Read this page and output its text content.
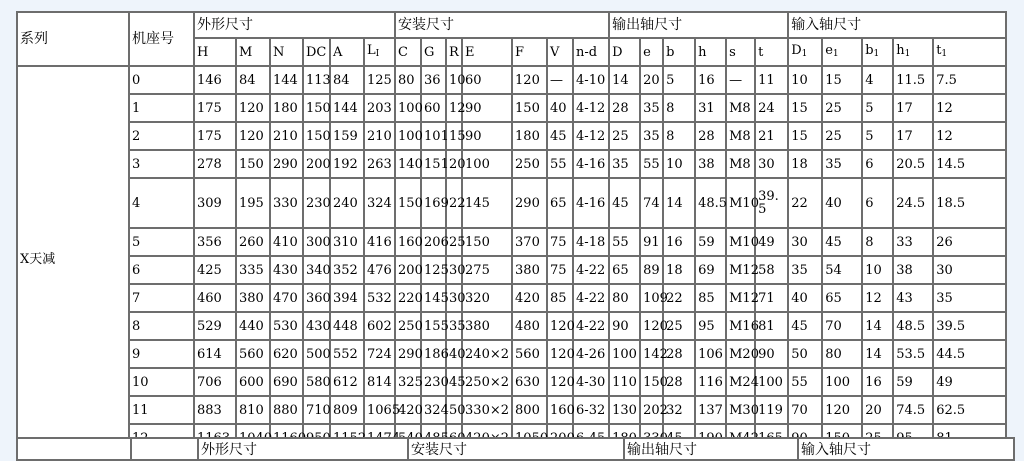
系列	机座号	外形尺寸						安装尺寸							输出轴尺寸						输入轴尺寸				
		H	M	N	DC	A	$L_I$	C	G	R	E	F	V	n-d	D	e	b	h	s	t	$D_1$	$e_1$	$b_1$	$h_1$	$t_1$
X天减	0	146	84	144	113	84	125	80	36	10	60	120	—	4-10	14	20	5	16	—	11	10	15	4	11.5	7.5
	1	175	120	180	150	144	203	100	60	12	90	150	40	4-12	28	35	8	31	M8	24	15	25	5	17	12
	2	175	120	210	150	159	210	100	101	15	90	180	45	4-12	25	35	8	28	M8	21	15	25	5	17	12
	3	278	150	290	200	192	263	140	151	20	100	250	55	4-16	35	55	10	38	M8	30	18	35	6	20.5	14.5
	4	309	195	330	230	240	324	150	169	22	145	290	65	4-16	45	74	14	48.5	M10	39.5	22	40	6	24.5	18.5
	5	356	260	410	300	310	416	160	206	25	150	370	75	4-18	55	91	16	59	M10	49	30	45	8	33	26
	6	425	335	430	340	352	476	200	125	30	275	380	75	4-22	65	89	18	69	M12	58	35	54	10	38	30
	7	460	380	470	360	394	532	220	145	30	320	420	85	4-22	80	109	22	85	M12	71	40	65	12	43	35
	8	529	440	530	430	448	602	250	155	35	380	480	120	4-22	90	120	25	95	M16	81	45	70	14	48.5	39.5
	9	614	560	620	500	552	724	290	186	40	240×2	560	120	4-26	100	142	28	106	M20	90	50	80	14	53.5	44.5
	10	706	600	690	580	612	814	325	230	45	250×2	630	120	4-30	110	150	28	116	M24	100	55	100	16	59	49
	11	883	810	880	710	809	1065	420	324	50	330×2	800	160	6-32	130	202	32	137	M30	119	70	120	20	74.5	62.5

		外形尺寸	安装尺寸	输出轴尺寸	输入轴尺寸
